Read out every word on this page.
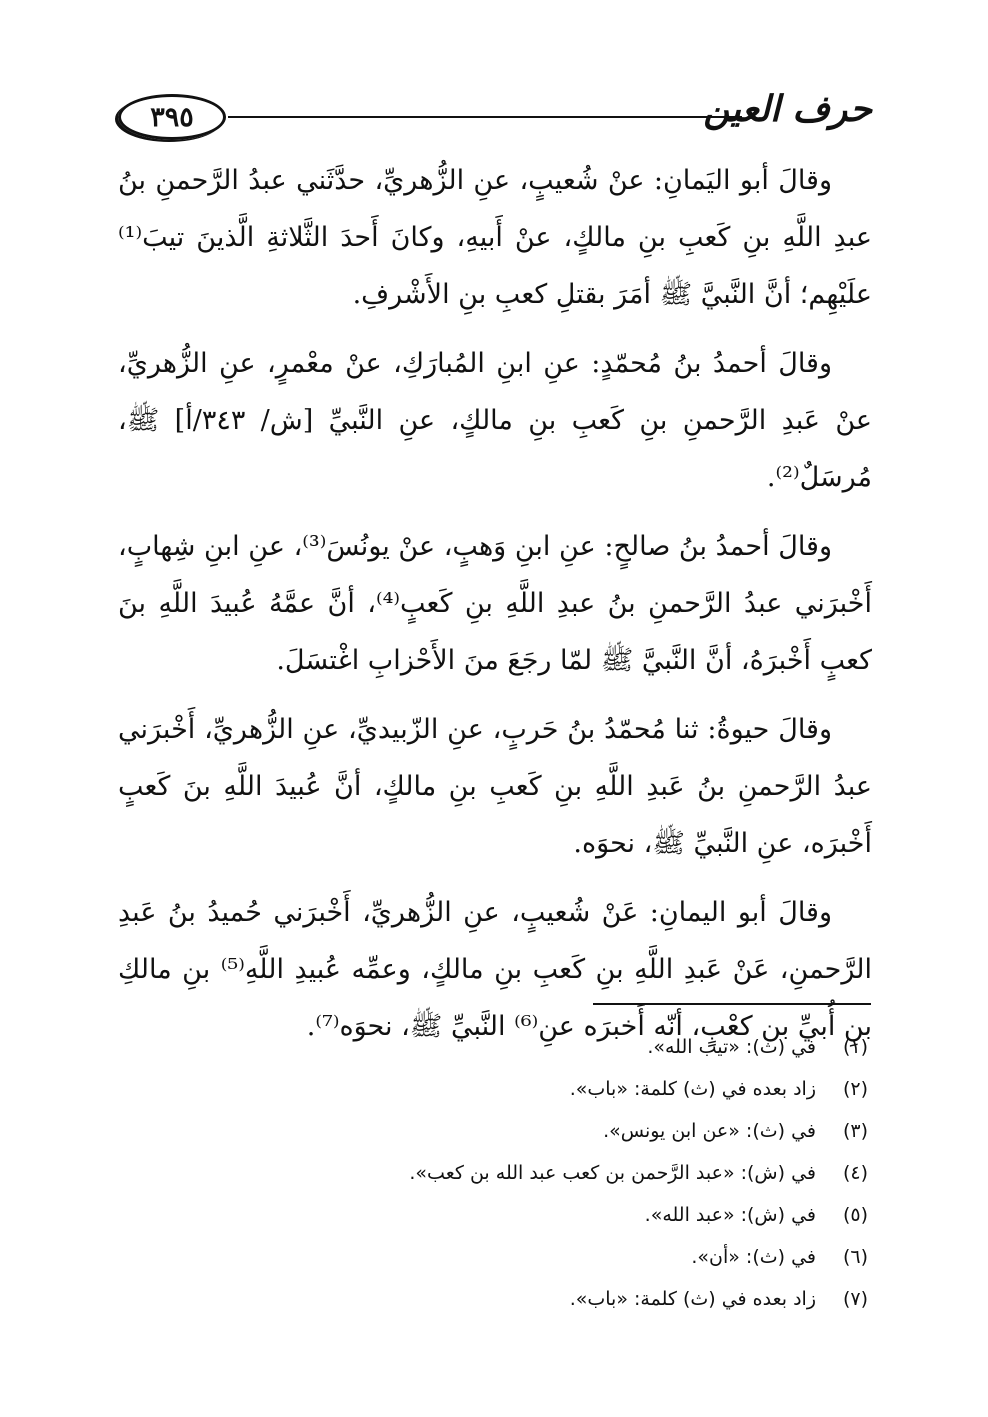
٣٩٥	حرف العين

وقالَ أبو اليَمانِ: عنْ شُعيبٍ، عنِ الزُّهريِّ، حدَّثَني عبدُ الرَّحمنِ بنُ عبدِ اللَّهِ بنِ كَعبِ بنِ مالكٍ، عنْ أَبيهِ، وكانَ أَحدَ الثَّلاثةِ الَّذينَ تيبَ⁽¹⁾ علَيْهِم؛ أنَّ النَّبيَّ ﷺ أمَرَ بقتلِ كعبِ بنِ الأَشْرفِ.

وقالَ أحمدُ بنُ مُحمّدٍ: عنِ ابنِ المُبارَكِ، عنْ معْمرٍ، عنِ الزُّهريِّ، عنْ عَبدِ الرَّحمنِ بنِ كَعبِ بنِ مالكٍ، عنِ النَّبيِّ [ش/ ٣٤٣/أ] ﷺ، مُرسَلٌ⁽²⁾.

وقالَ أحمدُ بنُ صالحٍ: عنِ ابنِ وَهبٍ، عنْ يونُسَ⁽³⁾، عنِ ابنِ شِهابٍ، أَخْبرَني عبدُ الرَّحمنِ بنُ عبدِ اللَّهِ بنِ كَعبٍ⁽⁴⁾، أنَّ عمَّهُ عُبيدَ اللَّهِ بنَ كعبٍ أَخْبرَهُ، أنَّ النَّبيَّ ﷺ لمّا رجَعَ منَ الأَحْزابِ اغْتسَلَ.

وقالَ حيوةُ: ثنا مُحمّدُ بنُ حَربٍ، عنِ الزّبيديِّ، عنِ الزُّهريِّ، أَخْبرَني عبدُ الرَّحمنِ بنُ عَبدِ اللَّهِ بنِ كَعبِ بنِ مالكٍ، أنَّ عُبيدَ اللَّهِ بنَ كَعبٍ أَخْبرَه، عنِ النَّبيِّ ﷺ، نحوَه.

وقالَ أبو اليمانِ: عَنْ شُعيبٍ، عنِ الزُّهريِّ، أَخْبرَني حُميدُ بنُ عَبدِ الرَّحمنِ، عَنْ عَبدِ اللَّهِ بنِ كَعبِ بنِ مالكٍ، وعمِّه عُبيدِ اللَّهِ⁽⁵⁾ بنِ مالكِ بنِ أُبيِّ بن كعْبٍ، أنّه أَخبرَه عنِ⁽⁶⁾ النَّبيِّ ﷺ، نحوَه⁽⁷⁾.

(١)
في (ث): «تيب الله».
(٢)
زاد بعده في (ث) كلمة: «باب».
(٣)
في (ث): «عن ابن يونس».
(٤)
في (ش): «عبد الرَّحمن بن كعب عبد الله بن كعب».
(٥)
في (ش): «عبد الله».
(٦)
في (ث): «أن».
(٧)
زاد بعده في (ث) كلمة: «باب».
